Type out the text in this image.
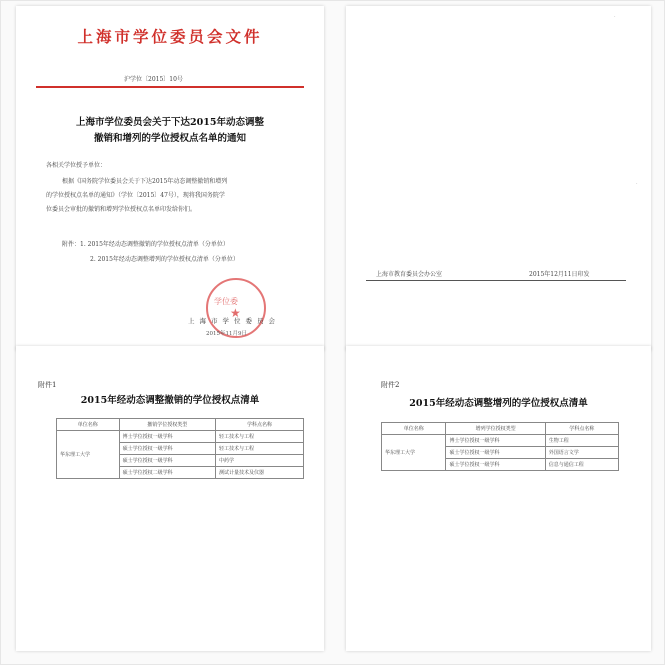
上海市学位委员会文件
沪学位〔2015〕10号
上海市学位委员会关于下达2015年动态调整
撤销和增列的学位授权点名单的通知
各相关学位授予单位：
根据《国务院学位委员会关于下达2015年动态调整撤销和增列
的学位授权点名单的通知》（学位〔2015〕47号），现将我国务院学
位委员会审批的撤销和增列学位授权点名单印发给你们。
附件：1. 2015年经动态调整撤销的学位授权点清单（分单位）
2. 2015年经动态调整增列的学位授权点清单（分单位）
学位委
★
上海市学位委员会
2015年11月9日
·
·
上海市教育委员会办公室	2015年12月11日印发
附件1
2015年经动态调整撤销的学位授权点清单
单位名称	撤销学位授权类型	学科点名称
华东理工大学	博士学位授权一级学科	轻工技术与工程
	硕士学位授权一级学科	轻工技术与工程
	硕士学位授权一级学科	中药学
	硕士学位授权二级学科	测试计量技术及仪器
附件2
2015年经动态调整增列的学位授权点清单
单位名称	增列学位授权类型	学科点名称
华东理工大学	博士学位授权一级学科	生物工程
	硕士学位授权一级学科	外国语言文学
	硕士学位授权一级学科	信息与通信工程
